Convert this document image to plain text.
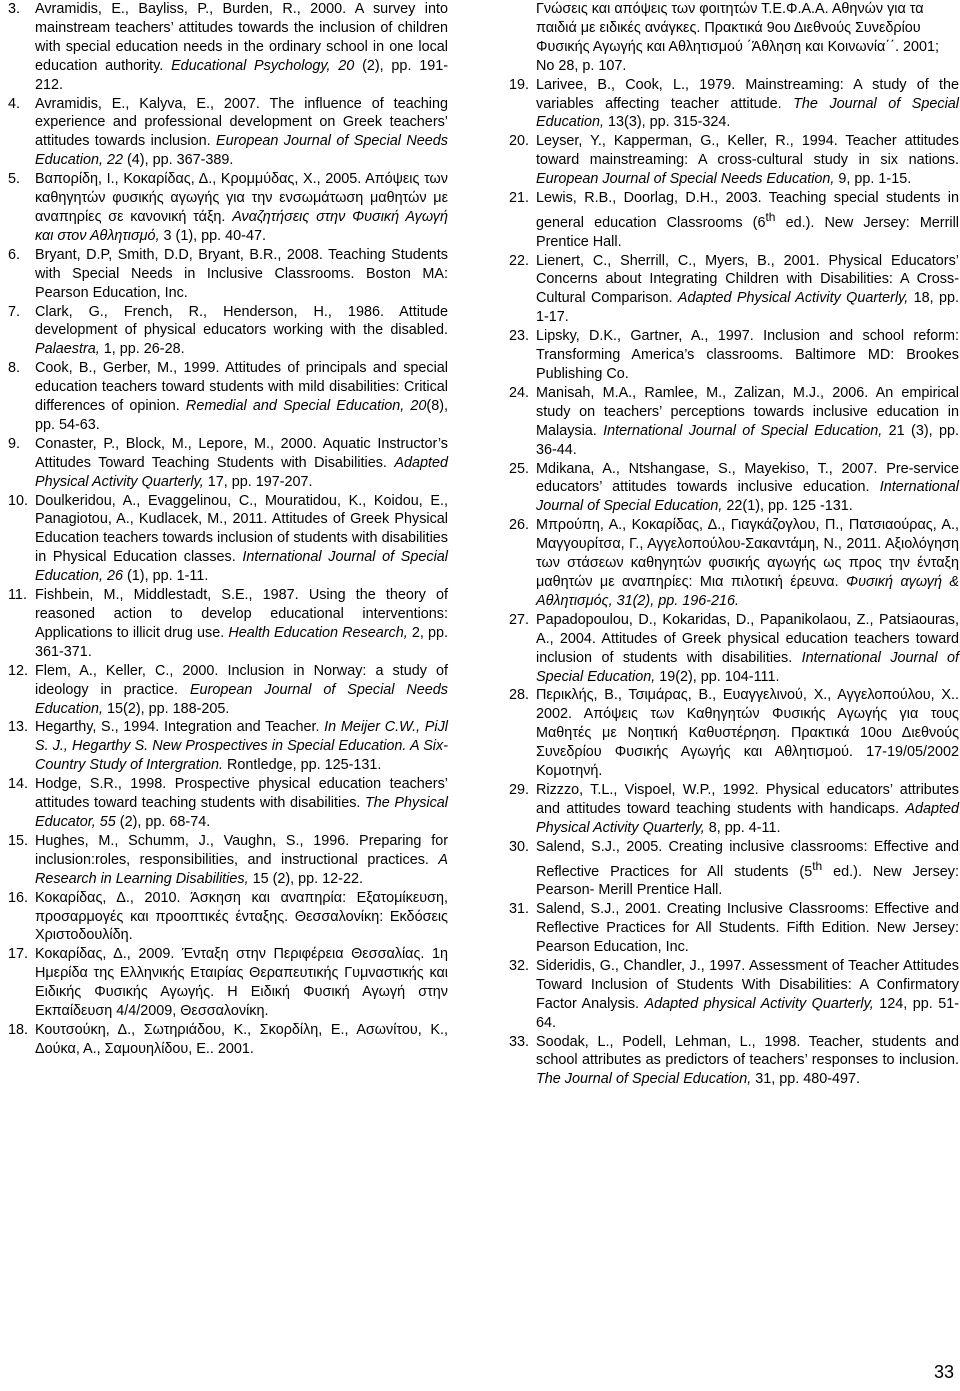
3. Avramidis, E., Bayliss, P., Burden, R., 2000. A survey into mainstream teachers’ attitudes towards the inclusion of children with special education needs in the ordinary school in one local education authority. Educational Psychology, 20 (2), pp. 191-212.
4. Avramidis, E., Kalyva, E., 2007. The influence of teaching experience and professional development on Greek teachers’ attitudes towards inclusion. European Journal of Special Needs Education, 22 (4), pp. 367-389.
5. Βαπορίδη, Ι., Κοκαρίδας, Δ., Κρομμύδας, Χ., 2005. Απόψεις των καθηγητών φυσικής αγωγής για την ενσωμάτωση μαθητών με αναπηρίες σε κανονική τάξη. Αναζητήσεις στην Φυσική Αγωγή και στον Αθλητισμό, 3 (1), pp. 40-47.
6. Bryant, D.P, Smith, D.D, Bryant, B.R., 2008. Teaching Students with Special Needs in Inclusive Classrooms. Boston MA: Pearson Education, Inc.
7. Clark, G., French, R., Henderson, H., 1986. Attitude development of physical educators working with the disabled. Palaestra, 1, pp. 26-28.
8. Cook, B., Gerber, M., 1999. Attitudes of principals and special education teachers toward students with mild disabilities: Critical differences of opinion. Remedial and Special Education, 20(8), pp. 54-63.
9. Conaster, P., Block, M., Lepore, M., 2000. Aquatic Instructor’s Attitudes Toward Teaching Students with Disabilities. Adapted Physical Activity Quarterly, 17, pp. 197-207.
10. Doulkeridou, A., Evaggelinou, C., Mouratidou, K., Koidou, E., Panagiotou, A., Kudlacek, M., 2011. Attitudes of Greek Physical Education teachers towards inclusion of students with disabilities in Physical Education classes. International Journal of Special Education, 26 (1), pp. 1-11.
11. Fishbein, M., Middlestadt, S.E., 1987. Using the theory of reasoned action to develop educational interventions: Applications to illicit drug use. Health Education Research, 2, pp. 361-371.
12. Flem, A., Keller, C., 2000. Inclusion in Norway: a study of ideology in practice. European Journal of Special Needs Education, 15(2), pp. 188-205.
13. Hegarthy, S., 1994. Integration and Teacher. In Meijer C.W., PiJl S. J., Hegarthy S. New Prospectives in Special Education. A Six-Country Study of Intergration. Rontledge, pp. 125-131.
14. Hodge, S.R., 1998. Prospective physical education teachers’ attitudes toward teaching students with disabilities. The Physical Educator, 55 (2), pp. 68-74.
15. Hughes, M., Schumm, J., Vaughn, S., 1996. Preparing for inclusion:roles, responsibilities, and instructional practices. A Research in Learning Disabilities, 15 (2), pp. 12-22.
16. Κοκαρίδας, Δ., 2010. Άσκηση και αναπηρία: Εξατομίκευση, προσαρμογές και προοπτικές ένταξης. Θεσσαλονίκη: Εκδόσεις Χριστοδουλίδη.
17. Κοκαρίδας, Δ., 2009. Ένταξη στην Περιφέρεια Θεσσαλίας. 1η Ημερίδα της Ελληνικής Εταιρίας Θεραπευτικής Γυμναστικής και Ειδικής Φυσικής Αγωγής. Η Ειδική Φυσική Αγωγή στην Εκπαίδευση 4/4/2009, Θεσσαλονίκη.
18. Κουτσούκη, Δ., Σωτηριάδου, Κ., Σκορδίλη, Ε., Ασωνίτου, Κ., Δούκα, Α., Σαμουηλίδου, Ε.. 2001.
Γνώσεις και απόψεις των φοιτητών Τ.Ε.Φ.Α.Α. Αθηνών για τα παιδιά με ειδικές ανάγκες. Πρακτικά 9ου Διεθνούς Συνεδρίου Φυσικής Αγωγής και Αθλητισμού ΄Άθληση και Κοινωνία΄΄. 2001; No 28, p. 107.
19. Larivee, B., Cook, L., 1979. Mainstreaming: A study of the variables affecting teacher attitude. The Journal of Special Education, 13(3), pp. 315-324.
20. Leyser, Y., Kapperman, G., Keller, R., 1994. Teacher attitudes toward mainstreaming: A cross-cultural study in six nations. European Journal of Special Needs Education, 9, pp. 1-15.
21. Lewis, R.B., Doorlag, D.H., 2003. Teaching special students in general education Classrooms (6th ed.). New Jersey: Merrill Prentice Hall.
22. Lienert, C., Sherrill, C., Myers, B., 2001. Physical Educators’ Concerns about Integrating Children with Disabilities: A Cross-Cultural Comparison. Adapted Physical Activity Quarterly, 18, pp. 1-17.
23. Lipsky, D.K., Gartner, A., 1997. Inclusion and school reform: Transforming America’s classrooms. Baltimore MD: Brookes Publishing Co.
24. Manisah, M.A., Ramlee, M., Zalizan, M.J., 2006. An empirical study on teachers’ perceptions towards inclusive education in Malaysia. International Journal of Special Education, 21 (3), pp. 36-44.
25. Mdikana, A., Ntshangase, S., Mayekiso, T., 2007. Pre-service educators’ attitudes towards inclusive education. International Journal of Special Education, 22(1), pp. 125 -131.
26. Μπρούπη, Α., Κοκαρίδας, Δ., Γιαγκάζογλου, Π., Πατσιαούρας, Α., Μαγγουρίτσα, Γ., Αγγελοπούλου-Σακαντάμη, Ν., 2011. Αξιολόγηση των στάσεων καθηγητών φυσικής αγωγής ως προς την ένταξη μαθητών με αναπηρίες: Μια πιλοτική έρευνα. Φυσική αγωγή & Αθλητισμός, 31(2), pp. 196-216.
27. Papadopoulou, D., Kokaridas, D., Papanikolaou, Z., Patsiaouras, A., 2004. Attitudes of Greek physical education teachers toward inclusion of students with disabilities. International Journal of Special Education, 19(2), pp. 104-111.
28. Περικλής, Β., Τσιμάρας, Β., Ευαγγελινού, Χ., Αγγελοπούλου, Χ.. 2002. Απόψεις των Καθηγητών Φυσικής Αγωγής για τους Μαθητές με Νοητική Καθυστέρηση. Πρακτικά 10ου Διεθνούς Συνεδρίου Φυσικής Αγωγής και Αθλητισμού. 17-19/05/2002 Κομοτηνή.
29. Rizzzo, T.L., Vispoel, W.P., 1992. Physical educators’ attributes and attitudes toward teaching students with handicaps. Adapted Physical Activity Quarterly, 8, pp. 4-11.
30. Salend, S.J., 2005. Creating inclusive classrooms: Effective and Reflective Practices for All students (5th ed.). New Jersey: Pearson- Merill Prentice Hall.
31. Salend, S.J., 2001. Creating Inclusive Classrooms: Effective and Reflective Practices for All Students. Fifth Edition. New Jersey: Pearson Education, Inc.
32. Sideridis, G., Chandler, J., 1997. Assessment of Teacher Attitudes Toward Inclusion of Students With Disabilities: A Confirmatory Factor Analysis. Adapted physical Activity Quarterly, 124, pp. 51-64.
33. Soodak, L., Podell, Lehman, L., 1998. Teacher, students and school attributes as predictors of teachers’ responses to inclusion. The Journal of Special Education, 31, pp. 480-497.
33
